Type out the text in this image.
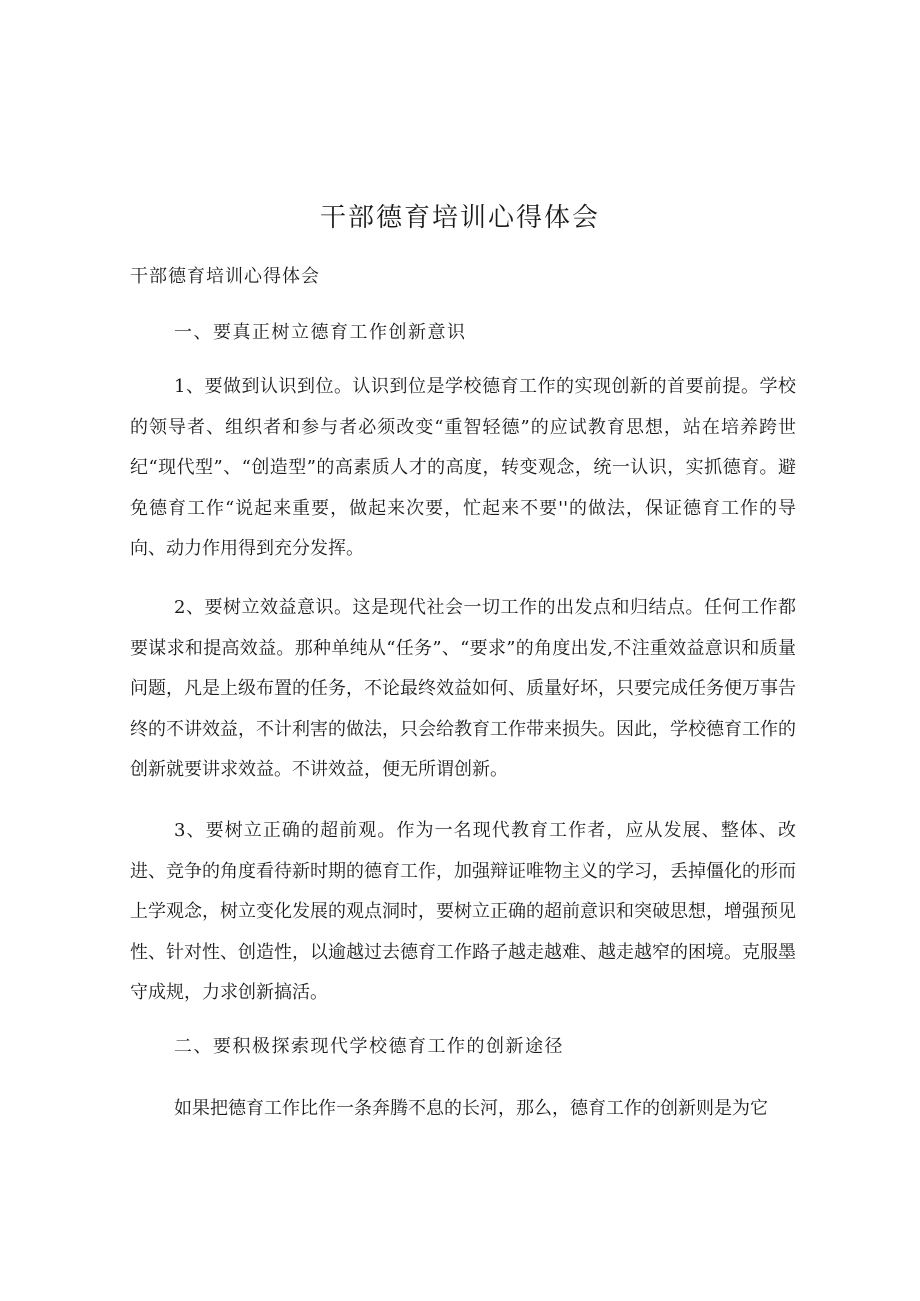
干部德育培训心得体会
干部德育培训心得体会
一、要真正树立德育工作创新意识
1、要做到认识到位。认识到位是学校德育工作的实现创新的首要前提。学校的领导者、组织者和参与者必须改变“重智轻德”的应试教育思想，站在培养跨世纪“现代型”、“创造型”的高素质人才的高度，转变观念，统一认识，实抓德育。避免德育工作“说起来重要，做起来次要，忙起来不要''的做法，保证德育工作的导向、动力作用得到充分发挥。
2、要树立效益意识。这是现代社会一切工作的出发点和归结点。任何工作都要谋求和提高效益。那种单纯从“任务”、“要求”的角度出发,不注重效益意识和质量问题，凡是上级布置的任务，不论最终效益如何、质量好坏，只要完成任务便万事告终的不讲效益，不计利害的做法，只会给教育工作带来损失。因此，学校德育工作的创新就要讲求效益。不讲效益，便无所谓创新。
3、要树立正确的超前观。作为一名现代教育工作者，应从发展、整体、改进、竞争的角度看待新时期的德育工作，加强辩证唯物主义的学习，丢掉僵化的形而上学观念，树立变化发展的观点洞时，要树立正确的超前意识和突破思想，增强预见性、针对性、创造性，以逾越过去德育工作路子越走越难、越走越窄的困境。克服墨守成规，力求创新搞活。
二、要积极探索现代学校德育工作的创新途径
如果把德育工作比作一条奔腾不息的长河，那么，德育工作的创新则是为它
